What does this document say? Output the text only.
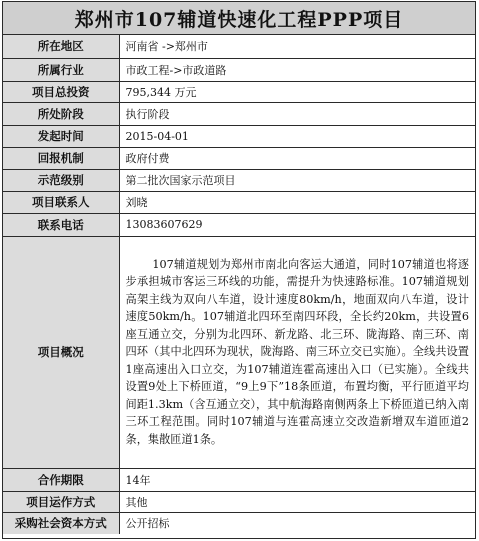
郑州市107辅道快速化工程PPP项目
所在地区	河南省 ->郑州市
所属行业	市政工程->市政道路
项目总投资	795,344 万元
所处阶段	执行阶段
发起时间	2015-04-01
回报机制	政府付费
示范级别	第二批次国家示范项目
项目联系人	刘晓
联系电话	13083607629
项目概况	107辅道规划为郑州市南北向客运大通道，同时107辅道也将逐步承担城市客运三环线的功能，需提升为快速路标准。107辅道规划高架主线为双向八车道，设计速度80km/h，地面双向八车道，设计速度50km/h。107辅道北四环至南四环段，全长约20km，共设置6座互通立交，分别为北四环、新龙路、北三环、陇海路、南三环、南四环（其中北四环为现状，陇海路、南三环立交已实施）。全线共设置1座高速出入口立交，为107辅道连霍高速出入口（已实施）。全线共设置9处上下桥匝道，“9上9下”18条匝道，布置均衡，平行匝道平均间距1.3km（含互通立交），其中航海路南侧两条上下桥匝道已纳入南三环工程范围。同时107辅道与连霍高速立交改造新增双车道匝道2条，集散匝道1条。
合作期限	14年
项目运作方式	其他
采购社会资本方式	公开招标
